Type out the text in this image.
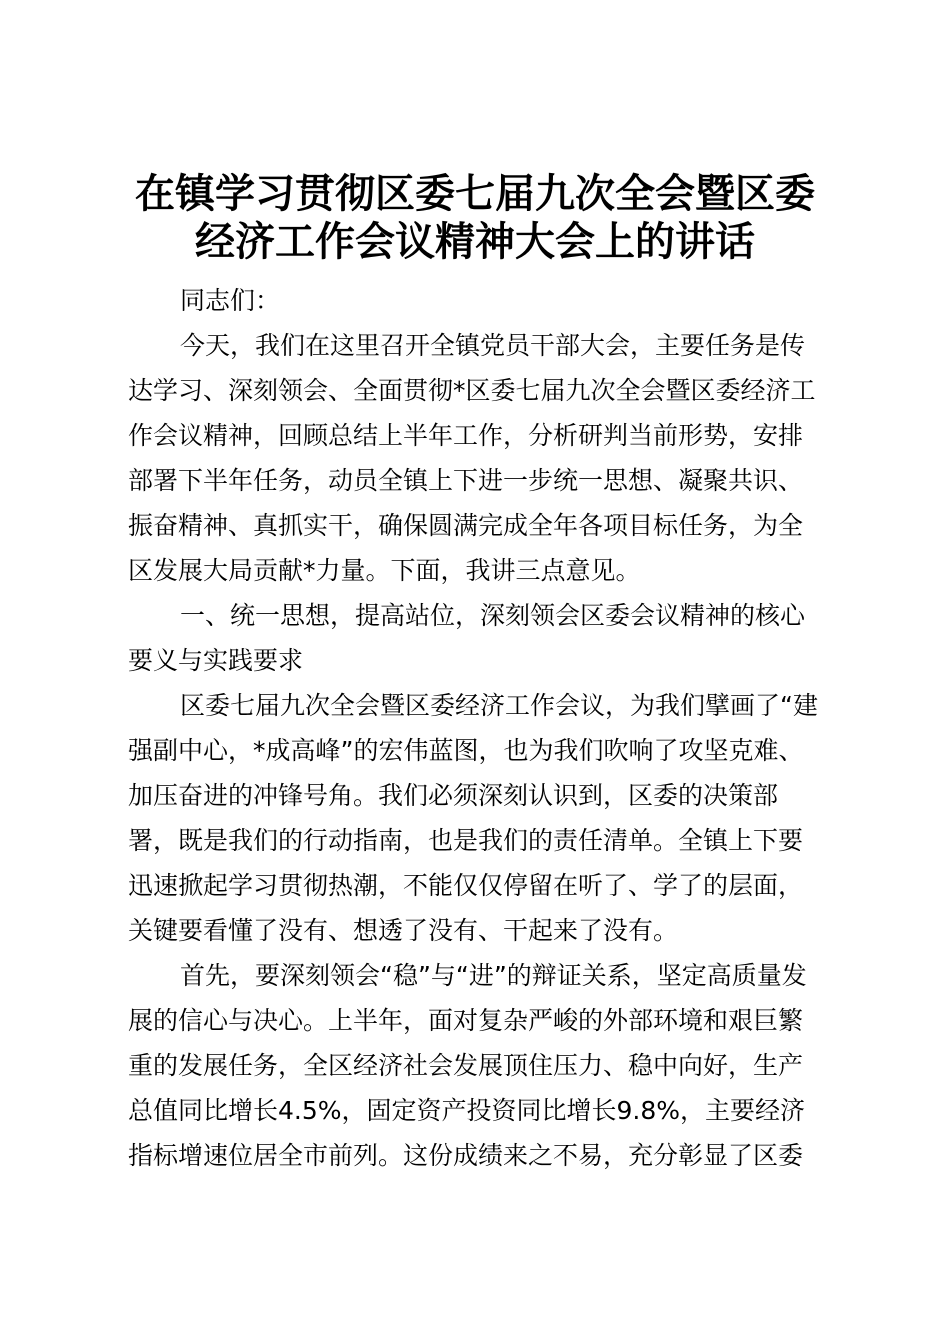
在镇学习贯彻区委七届九次全会暨区委
经济工作会议精神大会上的讲话
同志们：
今天，我们在这里召开全镇党员干部大会，主要任务是传
达学习、深刻领会、全面贯彻*区委七届九次全会暨区委经济工
作会议精神，回顾总结上半年工作，分析研判当前形势，安排
部署下半年任务，动员全镇上下进一步统一思想、凝聚共识、
振奋精神、真抓实干，确保圆满完成全年各项目标任务，为全
区发展大局贡献*力量。下面，我讲三点意见。
一、统一思想，提高站位，深刻领会区委会议精神的核心
要义与实践要求
区委七届九次全会暨区委经济工作会议，为我们擘画了“建
强副中心，*成高峰”的宏伟蓝图，也为我们吹响了攻坚克难、
加压奋进的冲锋号角。我们必须深刻认识到，区委的决策部
署，既是我们的行动指南，也是我们的责任清单。全镇上下要
迅速掀起学习贯彻热潮，不能仅仅停留在听了、学了的层面，
关键要看懂了没有、想透了没有、干起来了没有。
首先，要深刻领会“稳”与“进”的辩证关系，坚定高质量发
展的信心与决心。上半年，面对复杂严峻的外部环境和艰巨繁
重的发展任务，全区经济社会发展顶住压力、稳中向好，生产
总值同比增长4.5%，固定资产投资同比增长9.8%，主要经济
指标增速位居全市前列。这份成绩来之不易，充分彰显了区委
